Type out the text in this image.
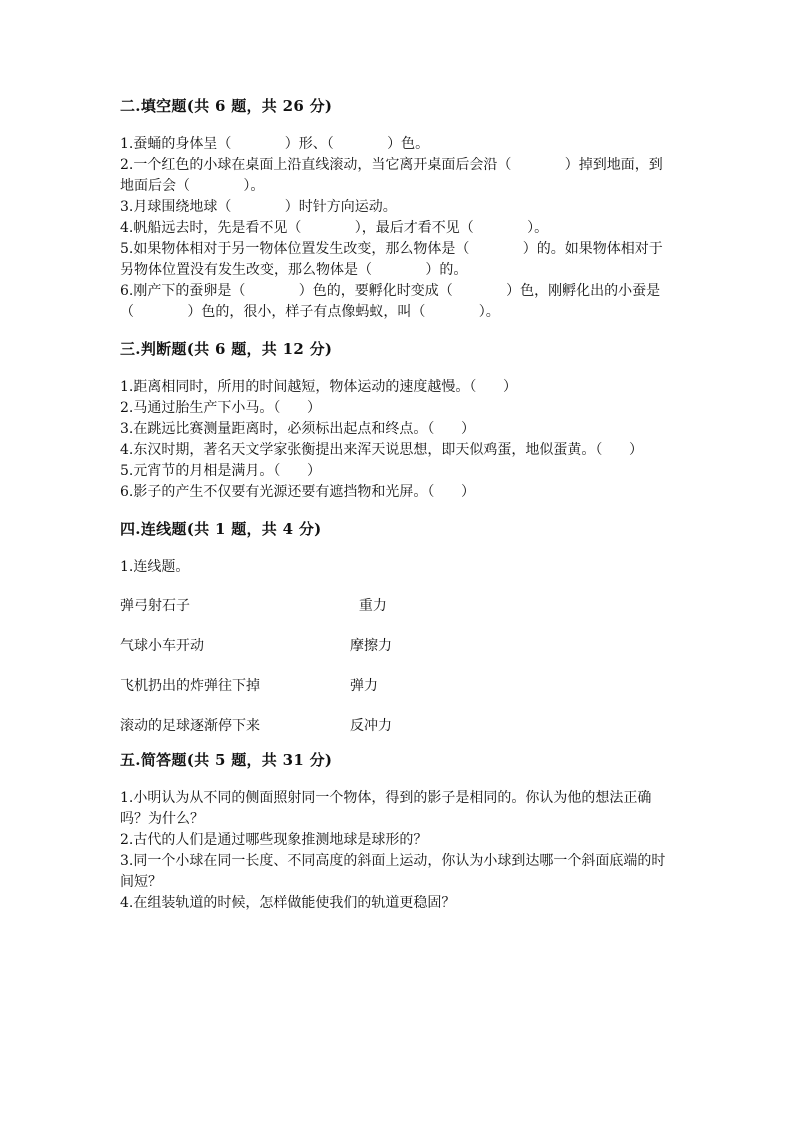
二.填空题(共 6 题，共 26 分)
1.蚕蛹的身体呈（            ）形、（            ）色。
2.一个红色的小球在桌面上沿直线滚动，当它离开桌面后会沿（            ）掉到地面，到地面后会（            ）。
3.月球围绕地球（            ）时针方向运动。
4.帆船远去时，先是看不见（            ），最后才看不见（            ）。
5.如果物体相对于另一物体位置发生改变，那么物体是（            ）的。如果物体相对于另物体位置没有发生改变，那么物体是（            ）的。
6.刚产下的蚕卵是（            ）色的，要孵化时变成（            ）色，刚孵化出的小蚕是（            ）色的，很小，样子有点像蚂蚁，叫（            ）。
三.判断题(共 6 题，共 12 分)
1.距离相同时，所用的时间越短，物体运动的速度越慢。（      ）
2.马通过胎生产下小马。（      ）
3.在跳远比赛测量距离时，必须标出起点和终点。（      ）
4.东汉时期，著名天文学家张衡提出来浑天说思想，即天似鸡蛋，地似蛋黄。（      ）
5.元宵节的月相是满月。（      ）
6.影子的产生不仅要有光源还要有遮挡物和光屏。（      ）
四.连线题(共 1 题，共 4 分)
1.连线题。
弹弓射石子	重力
气球小车开动	摩擦力
飞机扔出的炸弹往下掉	弹力
滚动的足球逐渐停下来	反冲力
五.简答题(共 5 题，共 31 分)
1.小明认为从不同的侧面照射同一个物体，得到的影子是相同的。你认为他的想法正确吗？为什么？
2.古代的人们是通过哪些现象推测地球是球形的？
3.同一个小球在同一长度、不同高度的斜面上运动，你认为小球到达哪一个斜面底端的时间短？
4.在组装轨道的时候，怎样做能使我们的轨道更稳固？
